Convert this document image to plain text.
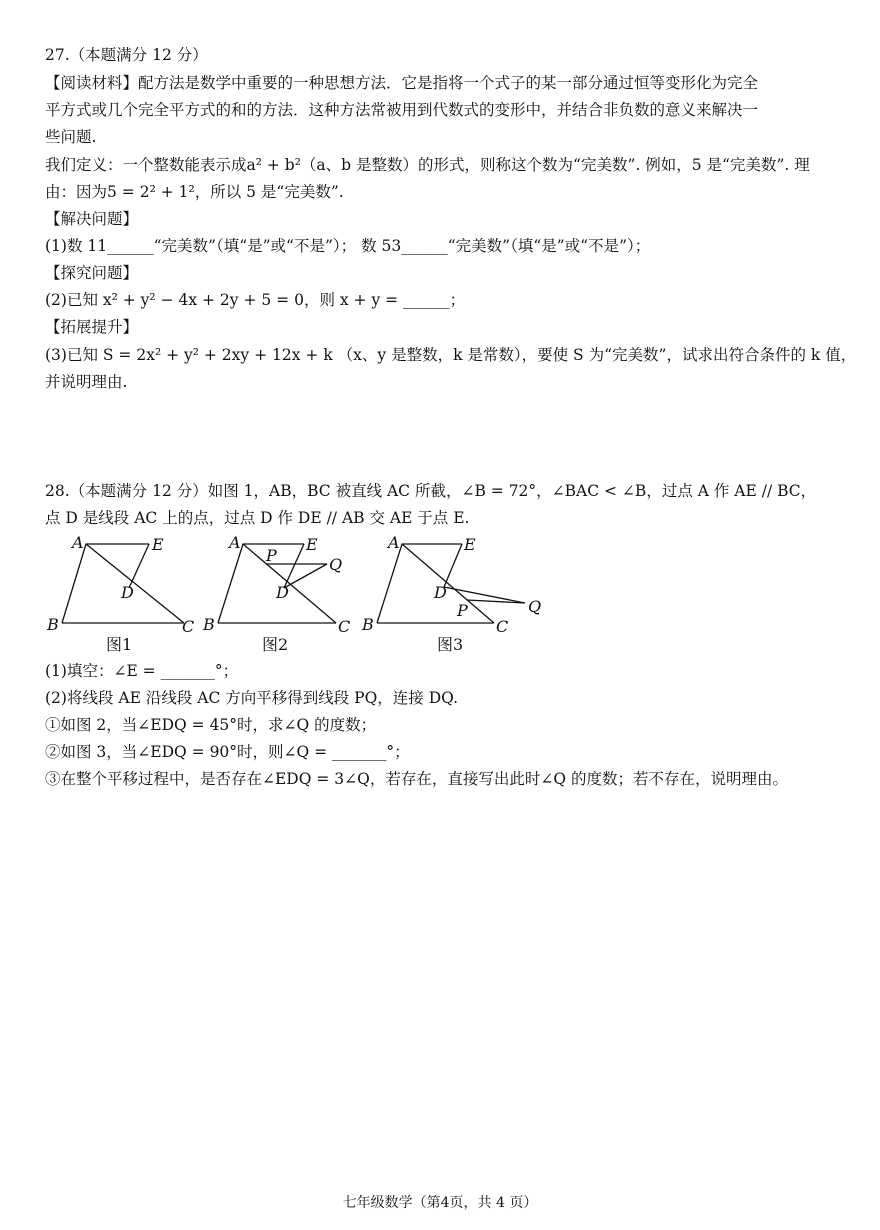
27.（本题满分 12 分）
【阅读材料】配方法是数学中重要的一种思想方法．它是指将一个式子的某一部分通过恒等变形化为完全
平方式或几个完全平方式的和的方法．这种方法常被用到代数式的变形中，并结合非负数的意义来解决一
些问题.
我们定义：一个整数能表示成a² + b²（a、b 是整数）的形式，则称这个数为“完美数”. 例如，5 是“完美数”. 理
由：因为5 = 2² + 1²，所以 5 是“完美数”.
【解决问题】
(1)数 11______“完美数”（填“是”或“不是”）； 数 53______“完美数”（填“是”或“不是”）；
【探究问题】
(2)已知 x² + y² − 4x + 2y + 5 = 0，则 x + y = ______；
【拓展提升】
(3)已知 S = 2x² + y² + 2xy + 12x + k （x、y 是整数，k 是常数），要使 S 为“完美数”，试求出符合条件的 k 值，
并说明理由.
28.（本题满分 12 分）如图 1，AB，BC 被直线 AC 所截，∠B = 72°，∠BAC < ∠B，过点 A 作 AE // BC，
点 D 是线段 AC 上的点，过点 D 作 DE // AB 交 AE 于点 E.
A	E
D
B	C
A	E
P	Q
D
B	C
A	E
D
P	Q
B	C
图1	图2	图3
(1)填空：∠E = _______°；
(2)将线段 AE 沿线段 AC 方向平移得到线段 PQ，连接 DQ.
①如图 2，当∠EDQ = 45°时，求∠Q 的度数；
②如图 3，当∠EDQ = 90°时，则∠Q = _______°；
③在整个平移过程中，是否存在∠EDQ = 3∠Q，若存在，直接写出此时∠Q 的度数；若不存在，说明理由。
七年级数学（第4页，共 4 页）
